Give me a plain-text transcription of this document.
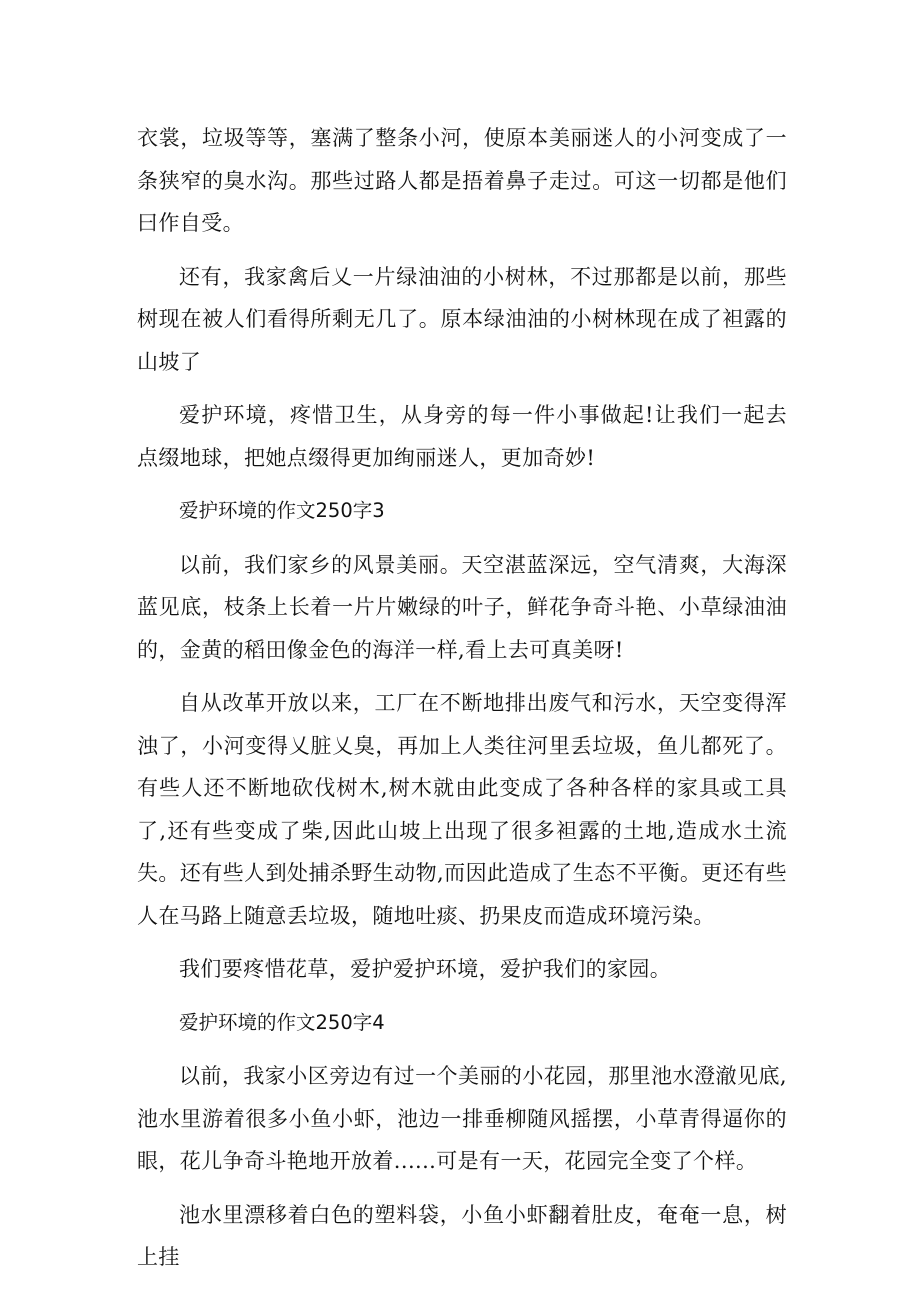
衣裳，垃圾等等，塞满了整条小河，使原本美丽迷人的小河变成了一条狭窄的臭水沟。那些过路人都是捂着鼻子走过。可这一切都是他们曰作自受。

还有，我家禽后乂一片绿油油的小树林，不过那都是以前，那些树现在被人们看得所剩无几了。原本绿油油的小树林现在成了袒露的山坡了

爱护环境，疼惜卫生，从身旁的每一件小事做起!让我们一起去点缀地球，把她点缀得更加绚丽迷人，更加奇妙!

爱护环境的作文250字3

以前，我们家乡的风景美丽。天空湛蓝深远，空气清爽，大海深蓝见底，枝条上长着一片片嫩绿的叶子，鲜花争奇斗艳、小草绿油油的，金黄的稻田像金色的海洋一样,看上去可真美呀!

自从改革开放以来，工厂在不断地排出废气和污水，天空变得浑浊了，小河变得乂脏乂臭，再加上人类往河里丢垃圾，鱼儿都死了。有些人还不断地砍伐树木,树木就由此变成了各种各样的家具或工具了,还有些变成了柴,因此山坡上出现了很多袒露的土地,造成水土流失。还有些人到处捕杀野生动物,而因此造成了生态不平衡。更还有些人在马路上随意丢垃圾，随地吐痰、扔果皮而造成环境污染。

我们要疼惜花草，爱护爱护环境，爱护我们的家园。

爱护环境的作文250字4

以前，我家小区旁边有过一个美丽的小花园，那里池水澄澈见底,池水里游着很多小鱼小虾，池边一排垂柳随风摇摆，小草青得逼你的眼，花儿争奇斗艳地开放着......可是有一天，花园完全变了个样。

池水里漂移着白色的塑料袋，小鱼小虾翻着肚皮，奄奄一息，树上挂
